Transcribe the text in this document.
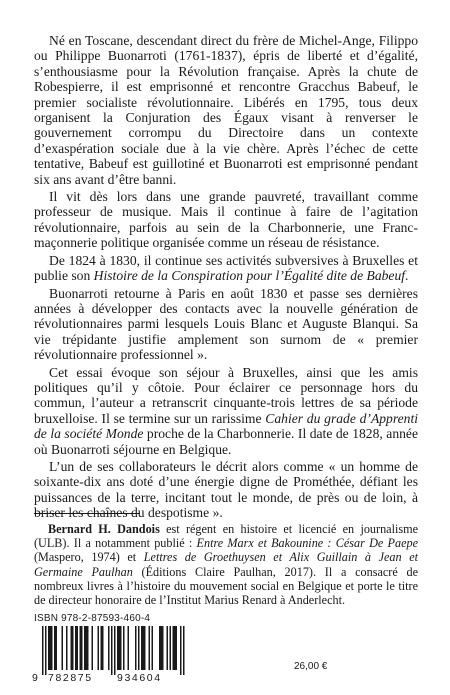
Né en Toscane, descendant direct du frère de Michel-Ange, Filippo ou Philippe Buonarroti (1761-1837), épris de liberté et d’égalité, s’enthousiasme pour la Révolution française. Après la chute de Robespierre, il est emprisonné et rencontre Gracchus Babeuf, le premier socialiste révolutionnaire. Libérés en 1795, tous deux organisent la Conjuration des Égaux visant à renverser le gouvernement corrompu du Directoire dans un contexte d’exaspération sociale due à la vie chère. Après l’échec de cette tentative, Babeuf est guillotiné et Buonarroti est emprisonné pendant six ans avant d’être banni.

Il vit dès lors dans une grande pauvreté, travaillant comme professeur de musique. Mais il continue à faire de l’agitation révolutionnaire, parfois au sein de la Charbonnerie, une Franc-maçonnerie politique organisée comme un réseau de résistance.

De 1824 à 1830, il continue ses activités subversives à Bruxelles et publie son Histoire de la Conspiration pour l’Égalité dite de Babeuf.

Buonarroti retourne à Paris en août 1830 et passe ses dernières années à développer des contacts avec la nouvelle génération de révolutionnaires parmi lesquels Louis Blanc et Auguste Blanqui. Sa vie trépidante justifie amplement son surnom de « premier révolutionnaire professionnel ».

Cet essai évoque son séjour à Bruxelles, ainsi que les amis politiques qu’il y côtoie. Pour éclairer ce personnage hors du commun, l’auteur a retranscrit cinquante-trois lettres de sa période bruxelloise. Il se termine sur un rarissime Cahier du grade d’Apprenti de la société Monde proche de la Charbonnerie. Il date de 1828, année où Buonarroti séjourne en Belgique.

L’un de ses collaborateurs le décrit alors comme « un homme de soixante-dix ans doté d’une énergie digne de Prométhée, défiant les puissances de la terre, incitant tout le monde, de près ou de loin, à briser les chaînes du despotisme ».

Bernard H. Dandois est régent en histoire et licencié en journalisme (ULB). Il a notamment publié : Entre Marx et Bakounine : César De Paepe (Maspero, 1974) et Lettres de Groethuysen et Alix Guillain à Jean et Germaine Paulhan (Éditions Claire Paulhan, 2017). Il a consacré de nombreux livres à l’histoire du mouvement social en Belgique et porte le titre de directeur honoraire de l’Institut Marius Renard à Anderlecht.

ISBN 978-2-87593-460-4
9 782875 934604
26,00 €
